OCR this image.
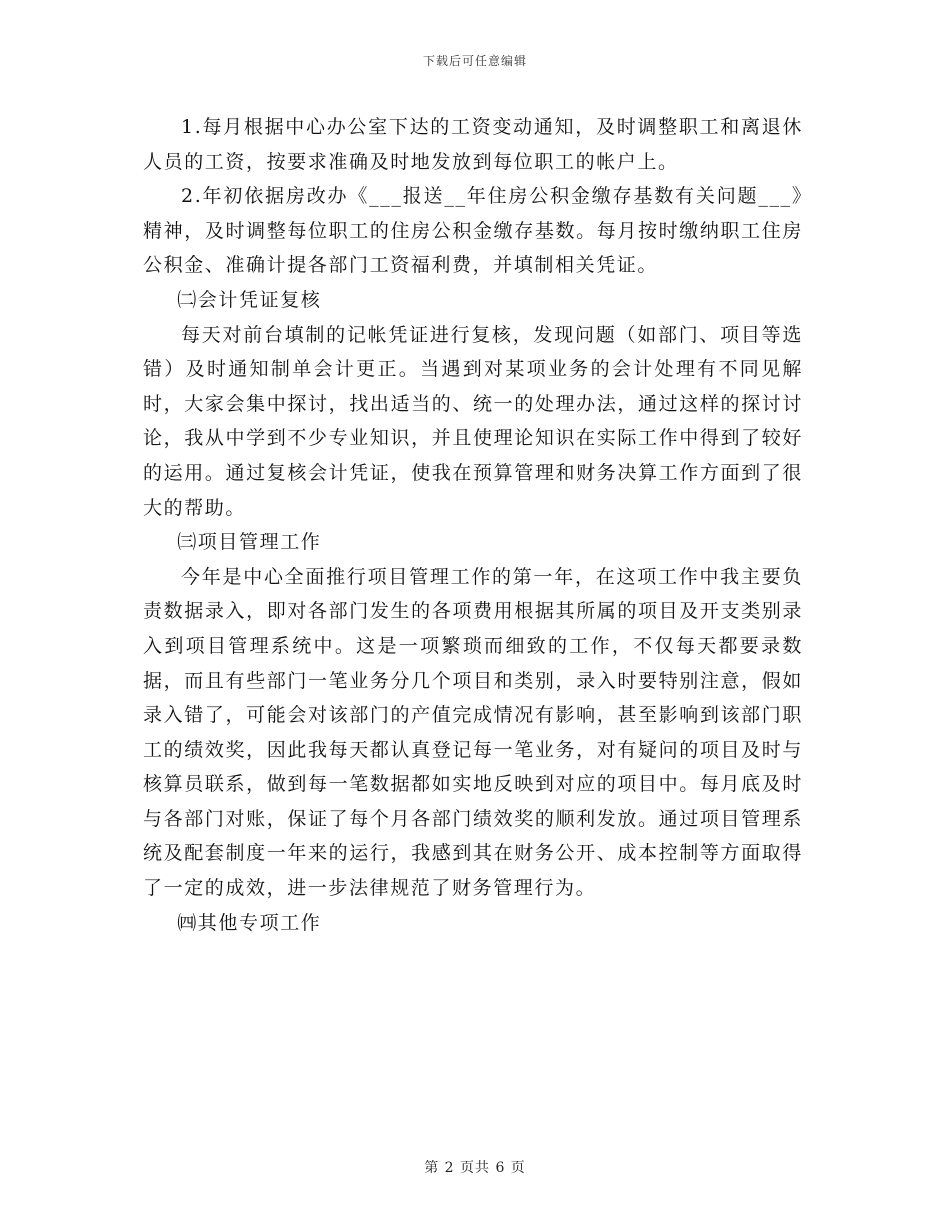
下载后可任意编辑

1.每月根据中心办公室下达的工资变动通知，及时调整职工和离退休人员的工资，按要求准确及时地发放到每位职工的帐户上。

2.年初依据房改办《___报送__年住房公积金缴存基数有关问题___》精神，及时调整每位职工的住房公积金缴存基数。每月按时缴纳职工住房公积金、准确计提各部门工资福利费，并填制相关凭证。

㈡会计凭证复核

每天对前台填制的记帐凭证进行复核，发现问题（如部门、项目等选错）及时通知制单会计更正。当遇到对某项业务的会计处理有不同见解时，大家会集中探讨，找出适当的、统一的处理办法，通过这样的探讨讨论，我从中学到不少专业知识，并且使理论知识在实际工作中得到了较好的运用。通过复核会计凭证，使我在预算管理和财务决算工作方面到了很大的帮助。

㈢项目管理工作

今年是中心全面推行项目管理工作的第一年，在这项工作中我主要负责数据录入，即对各部门发生的各项费用根据其所属的项目及开支类别录入到项目管理系统中。这是一项繁琐而细致的工作，不仅每天都要录数据，而且有些部门一笔业务分几个项目和类别，录入时要特别注意，假如录入错了，可能会对该部门的产值完成情况有影响，甚至影响到该部门职工的绩效奖，因此我每天都认真登记每一笔业务，对有疑问的项目及时与核算员联系，做到每一笔数据都如实地反映到对应的项目中。每月底及时与各部门对账，保证了每个月各部门绩效奖的顺利发放。通过项目管理系统及配套制度一年来的运行，我感到其在财务公开、成本控制等方面取得了一定的成效，进一步法律规范了财务管理行为。

㈣其他专项工作

第 2 页共 6 页
